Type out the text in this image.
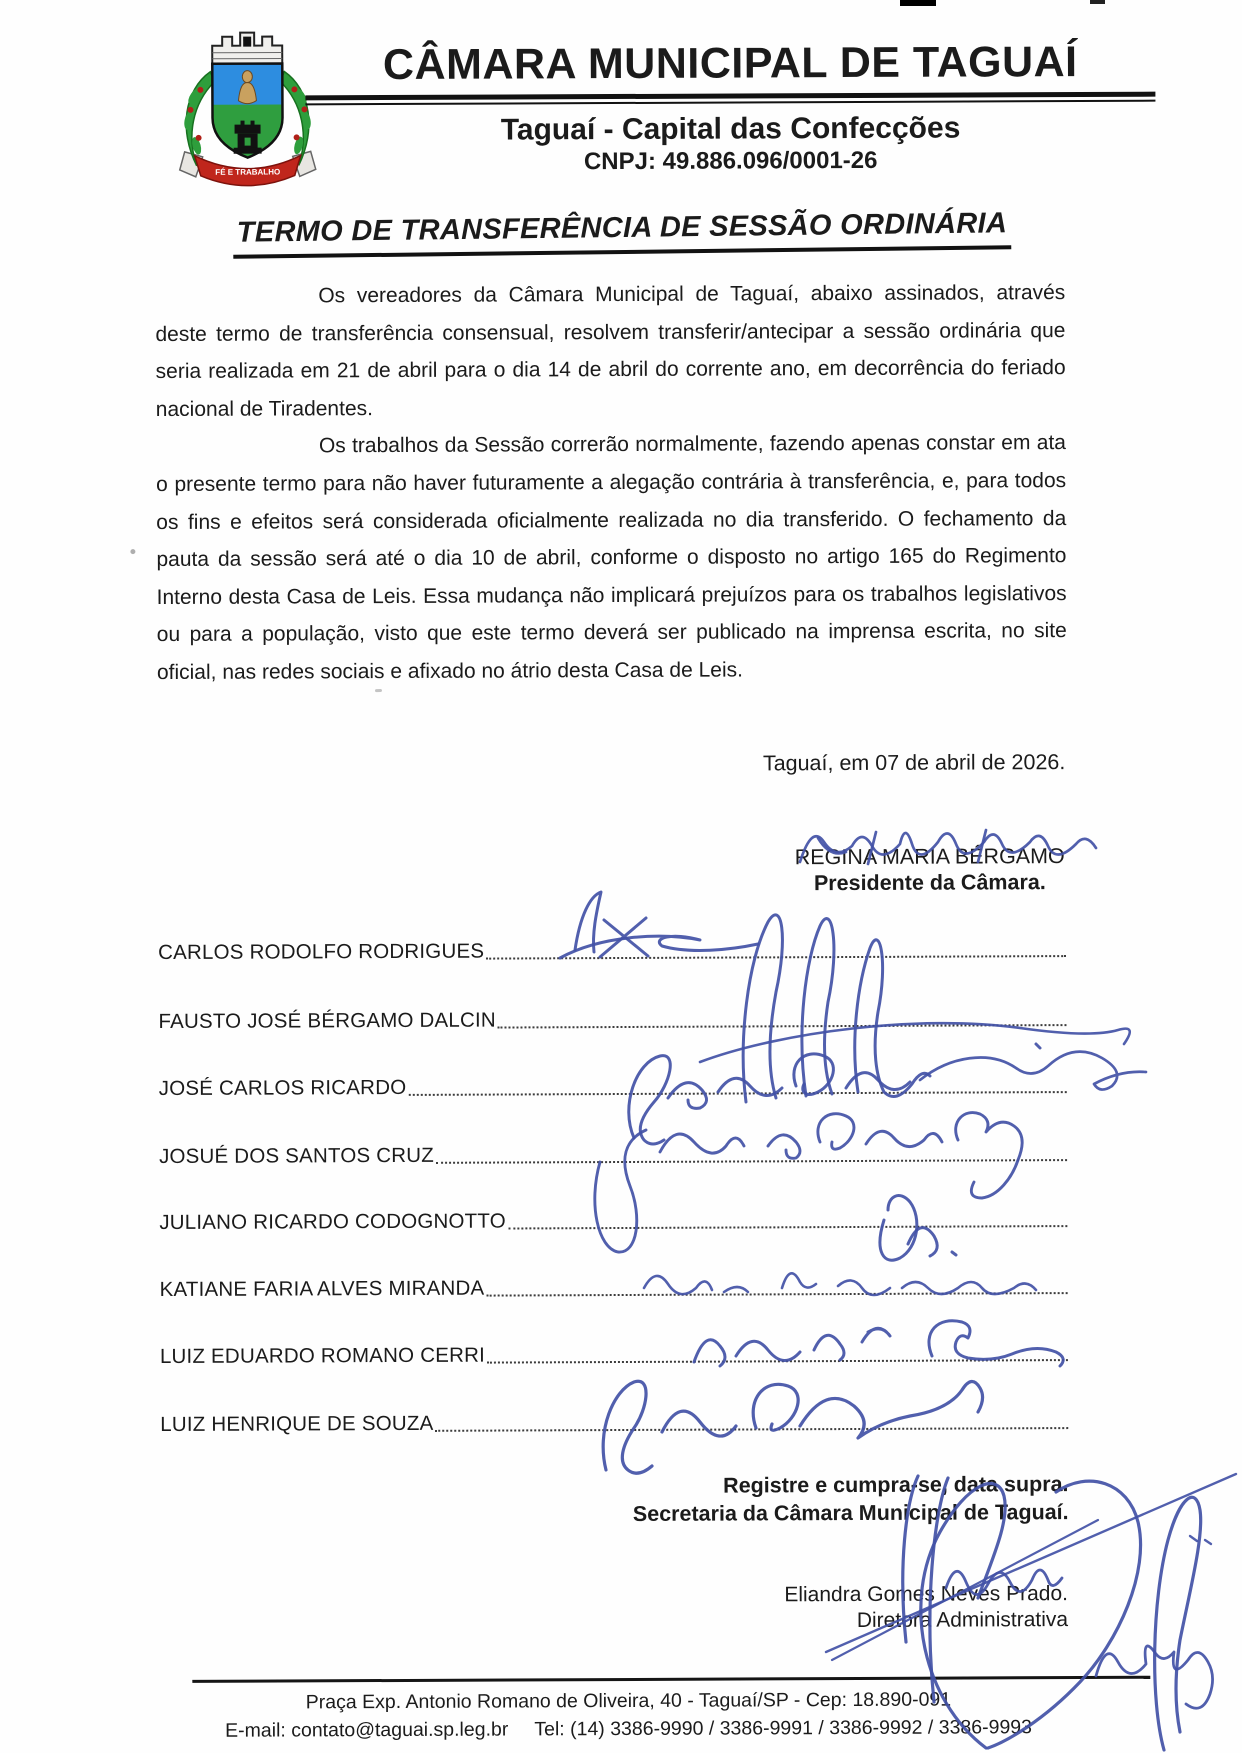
FÉ E TRABALHO
CÂMARA MUNICIPAL DE TAGUAÍ
Taguaí - Capital das Confecções
CNPJ: 49.886.096/0001-26
TERMO DE TRANSFERÊNCIA DE SESSÃO ORDINÁRIA

Os vereadores da Câmara Municipal de Taguaí, abaixo assinados, através deste termo de transferência consensual, resolvem transferir/antecipar a sessão ordinária que seria realizada em 21 de abril para o dia 14 de abril do corrente ano, em decorrência do feriado nacional de Tiradentes.

Os trabalhos da Sessão correrão normalmente, fazendo apenas constar em ata o presente termo para não haver futuramente a alegação contrária à transferência, e, para todos os fins e efeitos será considerada oficialmente realizada no dia transferido. O fechamento da pauta da sessão será até o dia 10 de abril, conforme o disposto no artigo 165 do Regimento Interno desta Casa de Leis. Essa mudança não implicará prejuízos para os trabalhos legislativos ou para a população, visto que este termo deverá ser publicado na imprensa escrita, no site oficial, nas redes sociais e afixado no átrio desta Casa de Leis.

Taguaí, em 07 de abril de 2026.
REGINA MARIA BÉRGAMO
Presidente da Câmara.
CARLOS RODOLFO RODRIGUES
FAUSTO JOSÉ BÉRGAMO DALCIN
JOSÉ CARLOS RICARDO
JOSUÉ DOS SANTOS CRUZ
JULIANO RICARDO CODOGNOTTO
KATIANE FARIA ALVES MIRANDA
LUIZ EDUARDO ROMANO CERRI
LUIZ HENRIQUE DE SOUZA
Registre e cumpra-se, data supra.
Secretaria da Câmara Municipal de Taguaí.
Eliandra Gomes Neves Prado.
Diretora Administrativa
Praça Exp. Antonio Romano de Oliveira, 40 - Taguaí/SP - Cep: 18.890-091
E-mail: contato@taguai.sp.leg.br Tel: (14) 3386-9990 / 3386-9991 / 3386-9992 / 3386-9993
